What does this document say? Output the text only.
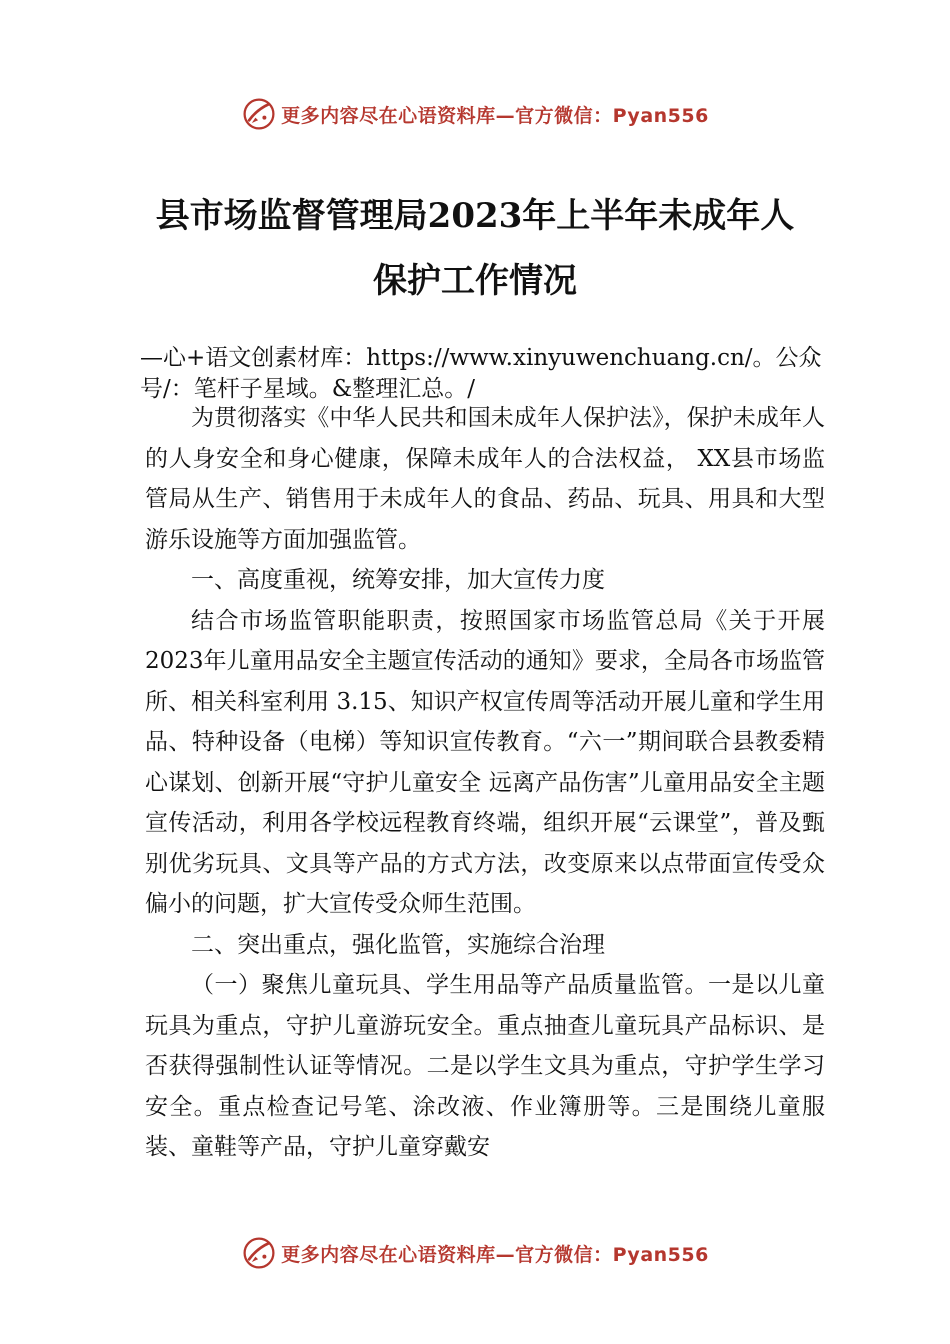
更多内容尽在心语资料库—官方微信：Pyan556
县市场监督管理局2023年上半年未成年人
保护工作情况
—心+语文创素材库：https://www.xinyuwenchuang.cn/。公众号/：笔杆子星域。&整理汇总。/

为贯彻落实《中华人民共和国未成年人保护法》，保护未成年人的人身安全和身心健康，保障未成年人的合法权益， XX县市场监管局从生产、销售用于未成年人的食品、药品、玩具、用具和大型游乐设施等方面加强监管。

一、高度重视，统筹安排，加大宣传力度

结合市场监管职能职责，按照国家市场监管总局《关于开展 2023年儿童用品安全主题宣传活动的通知》要求，全局各市场监管所、相关科室利用 3.15、知识产权宣传周等活动开展儿童和学生用品、特种设备（电梯）等知识宣传教育。“六一”期间联合县教委精心谋划、创新开展“守护儿童安全 远离产品伤害”儿童用品安全主题宣传活动，利用各学校远程教育终端，组织开展“云课堂”，普及甄别优劣玩具、文具等产品的方式方法，改变原来以点带面宣传受众偏小的问题，扩大宣传受众师生范围。

二、突出重点，强化监管，实施综合治理

（一）聚焦儿童玩具、学生用品等产品质量监管。一是以儿童玩具为重点，守护儿童游玩安全。重点抽查儿童玩具产品标识、是否获得强制性认证等情况。二是以学生文具为重点，守护学生学习安全。重点检查记号笔、涂改液、作业簿册等。三是围绕儿童服装、童鞋等产品，守护儿童穿戴安

更多内容尽在心语资料库—官方微信：Pyan556
